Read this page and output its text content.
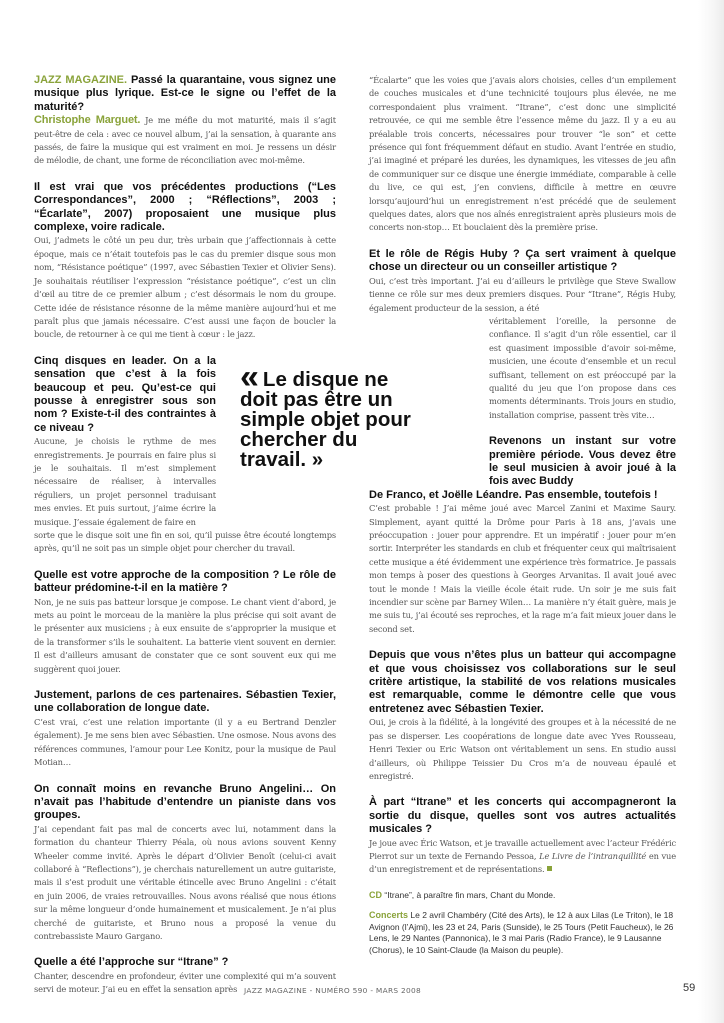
JAZZ MAGAZINE. Passé la quarantaine, vous signez une musique plus lyrique. Est-ce le signe ou l’effet de la maturité?

Christophe Marguet. Je me méfie du mot maturité, mais il s’agit peut-être de cela : avec ce nouvel album, j’ai la sensation, à quarante ans passés, de faire la musique qui est vraiment en moi. Je ressens un désir de mélodie, de chant, une forme de réconciliation avec moi-même.

Il est vrai que vos précédentes productions (“Les Correspondances”, 2000 ; “Réflections”, 2003 ; “Écarlate”, 2007) proposaient une musique plus complexe, voire radicale.

Oui, j’admets le côté un peu dur, très urbain que j’affectionnais à cette époque, mais ce n’était toutefois pas le cas du premier disque sous mon nom, “Résistance poétique” (1997, avec Sébastien Texier et Olivier Sens). Je souhaitais réutiliser l’expression “résistance poétique”, c’est un clin d’œil au titre de ce premier album ; c’est désormais le nom du groupe. Cette idée de résistance résonne de la même manière aujourd’hui et me paraît plus que jamais nécessaire. C’est aussi une façon de boucler la boucle, de retourner à ce qui me tient à cœur : le jazz.

Cinq disques en leader. On a la sensation que c’est à la fois beaucoup et peu. Qu’est-ce qui pousse à enregistrer sous son nom ? Existe-t-il des contraintes à ce niveau ?

Aucune, je choisis le rythme de mes enregistrements. Je pourrais en faire plus si je le souhaitais. Il m’est simplement nécessaire de réaliser, à intervalles réguliers, un projet personnel traduisant mes envies. Et puis surtout, j’aime écrire la musique. J’essaie également de faire en

sorte que le disque soit une fin en soi, qu’il puisse être écouté longtemps après, qu’il ne soit pas un simple objet pour chercher du travail.

Quelle est votre approche de la composition ? Le rôle de batteur prédomine-t-il en la matière ?

Non, je ne suis pas batteur lorsque je compose. Le chant vient d’abord, je mets au point le morceau de la manière la plus précise qui soit avant de le présenter aux musiciens ; à eux ensuite de s’approprier la musique et de la transformer s’ils le souhaitent. La batterie vient souvent en dernier. Il est d’ailleurs amusant de constater que ce sont souvent eux qui me suggèrent quoi jouer.

Justement, parlons de ces partenaires. Sébastien Texier, une collaboration de longue date.

C’est vrai, c’est une relation importante (il y a eu Bertrand Denzler également). Je me sens bien avec Sébastien. Une osmose. Nous avons des références communes, l’amour pour Lee Konitz, pour la musique de Paul Motian…

On connaît moins en revanche Bruno Angelini… On n’avait pas l’habitude d’entendre un pianiste dans vos groupes.

J’ai cependant fait pas mal de concerts avec lui, notamment dans la formation du chanteur Thierry Péala, où nous avions souvent Kenny Wheeler comme invité. Après le départ d’Olivier Benoît (celui-ci avait collaboré à “Reflections”), je cherchais naturellement un autre guitariste, mais il s’est produit une véritable étincelle avec Bruno Angelini : c’était en juin 2006, de vraies retrouvailles. Nous avons réalisé que nous étions sur la même longueur d’onde humainement et musicalement. Je n’ai plus cherché de guitariste, et Bruno nous a proposé la venue du contrebassiste Mauro Gargano.

Quelle a été l’approche sur “Itrane” ?

Chanter, descendre en profondeur, éviter une complexité qui m’a souvent servi de moteur. J’ai eu en effet la sensation après

« Le disque ne doit pas être un simple objet pour chercher du travail. »

“Écalarte” que les voies que j’avais alors choisies, celles d’un empilement de couches musicales et d’une technicité toujours plus élevée, ne me correspondaient plus vraiment. “Itrane”, c’est donc une simplicité retrouvée, ce qui me semble être l’essence même du jazz. Il y a eu au préalable trois concerts, nécessaires pour trouver “le son” et cette présence qui font fréquemment défaut en studio. Avant l’entrée en studio, j’ai imaginé et préparé les durées, les dynamiques, les vitesses de jeu afin de communiquer sur ce disque une énergie immédiate, comparable à celle du live, ce qui est, j’en conviens, difficile à mettre en œuvre lorsqu’aujourd’hui un enregistrement n’est précédé que de seulement quelques dates, alors que nos aînés enregistraient après plusieurs mois de concerts non-stop… Et bouclaient dès la première prise.

Et le rôle de Régis Huby ? Ça sert vraiment à quelque chose un directeur ou un conseiller artistique ?

Oui, c’est très important. J’ai eu d’ailleurs le privilège que Steve Swallow tienne ce rôle sur mes deux premiers disques. Pour “Itrane”, Régis Huby, également producteur de la session, a été

véritablement l’oreille, la personne de confiance. Il s’agit d’un rôle essentiel, car il est quasiment impossible d’avoir soi-même, musicien, une écoute d’ensemble et un recul suffisant, tellement on est préoccupé par la qualité du jeu que l’on propose dans ces moments déterminants. Trois jours en studio, installation comprise, passent très vite…

Revenons un instant sur votre première période. Vous devez être le seul musicien à avoir joué à la fois avec Buddy

De Franco, et Joëlle Léandre. Pas ensemble, toutefois !

C’est probable ! J’ai même joué avec Marcel Zanini et Maxime Saury. Simplement, ayant quitté la Drôme pour Paris à 18 ans, j’avais une préoccupation : jouer pour apprendre. Et un impératif : jouer pour m’en sortir. Interpréter les standards en club et fréquenter ceux qui maîtrisaient cette musique a été évidemment une expérience très formatrice. Je passais mon temps à poser des questions à Georges Arvanitas. Il avait joué avec tout le monde ! Mais la vieille école était rude. Un soir je me suis fait incendier sur scène par Barney Wilen… La manière n’y était guère, mais je me suis tu, j’ai écouté ses reproches, et la rage m’a fait mieux jouer dans le second set.

Depuis que vous n’êtes plus un batteur qui accompagne et que vous choisissez vos collaborations sur le seul critère artistique, la stabilité de vos relations musicales est remarquable, comme le démontre celle que vous entretenez avec Sébastien Texier.

Oui, je crois à la fidélité, à la longévité des groupes et à la nécessité de ne pas se disperser. Les coopérations de longue date avec Yves Rousseau, Henri Texier ou Eric Watson ont véritablement un sens. En studio aussi d’ailleurs, où Philippe Teissier Du Cros m’a de nouveau épaulé et enregistré.

À part “Itrane” et les concerts qui accompagneront la sortie du disque, quelles sont vos autres actualités musicales ?

Je joue avec Éric Watson, et je travaille actuellement avec l’acteur Frédéric Pierrot sur un texte de Fernando Pessoa, Le Livre de l’intranquillité en vue d’un enregistrement et de représentations.

CD “Itrane”, à paraître fin mars, Chant du Monde.

Concerts Le 2 avril Chambéry (Cité des Arts), le 12 à aux Lilas (Le Triton), le 18 Avignon (l’Ajmi), les 23 et 24, Paris (Sunside), le 25 Tours (Petit Faucheux), le 26 Lens, le 29 Nantes (Pannonica), le 3 mai Paris (Radio France), le 9 Lausanne (Chorus), le 10 Saint-Claude (la Maison du peuple).

JAZZ MAGAZINE - NUMÉRO 590 - MARS 2008	59
